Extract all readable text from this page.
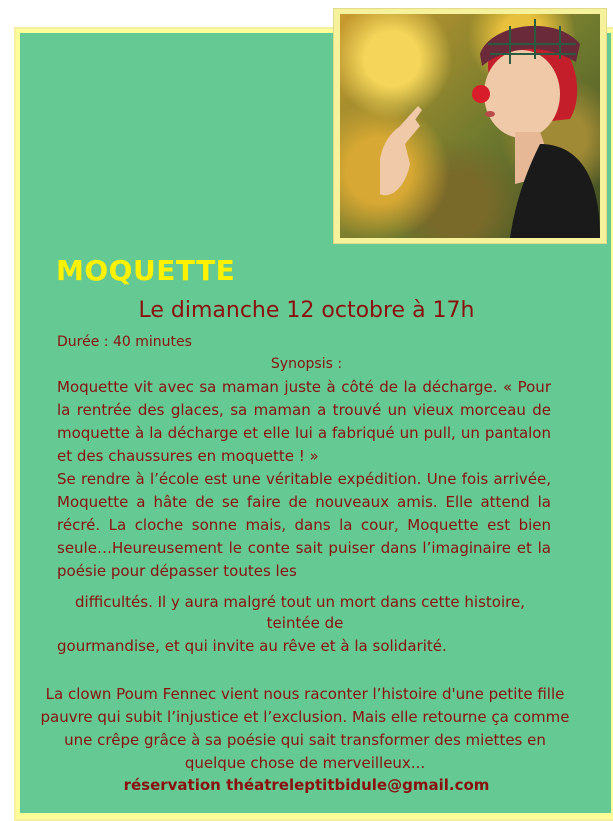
MOQUETTE
Le dimanche 12 octobre à 17h
Durée : 40 minutes
Synopsis :
Moquette vit avec sa maman juste à côté de la décharge. « Pour la rentrée des glaces, sa maman a trouvé un vieux morceau de moquette à la décharge et elle lui a fabriqué un pull, un pantalon et des chaussures en moquette ! »
Se rendre à l’école est une véritable expédition. Une fois arrivée, Moquette a hâte de se faire de nouveaux amis. Elle attend la récré. La cloche sonne mais, dans la cour, Moquette est bien seule…Heureusement le conte sait puiser dans l’imaginaire et la poésie pour dépasser toutes les
difficultés. Il y aura malgré tout un mort dans cette histoire,
teintée de
gourmandise, et qui invite au rêve et à la solidarité.
La clown Poum Fennec vient nous raconter l’histoire d'une petite fille pauvre qui subit l’injustice et l’exclusion. Mais elle retourne ça comme une crêpe grâce à sa poésie qui sait transformer des miettes en quelque chose de merveilleux...
réservation théatreleptitbidule@gmail.com
